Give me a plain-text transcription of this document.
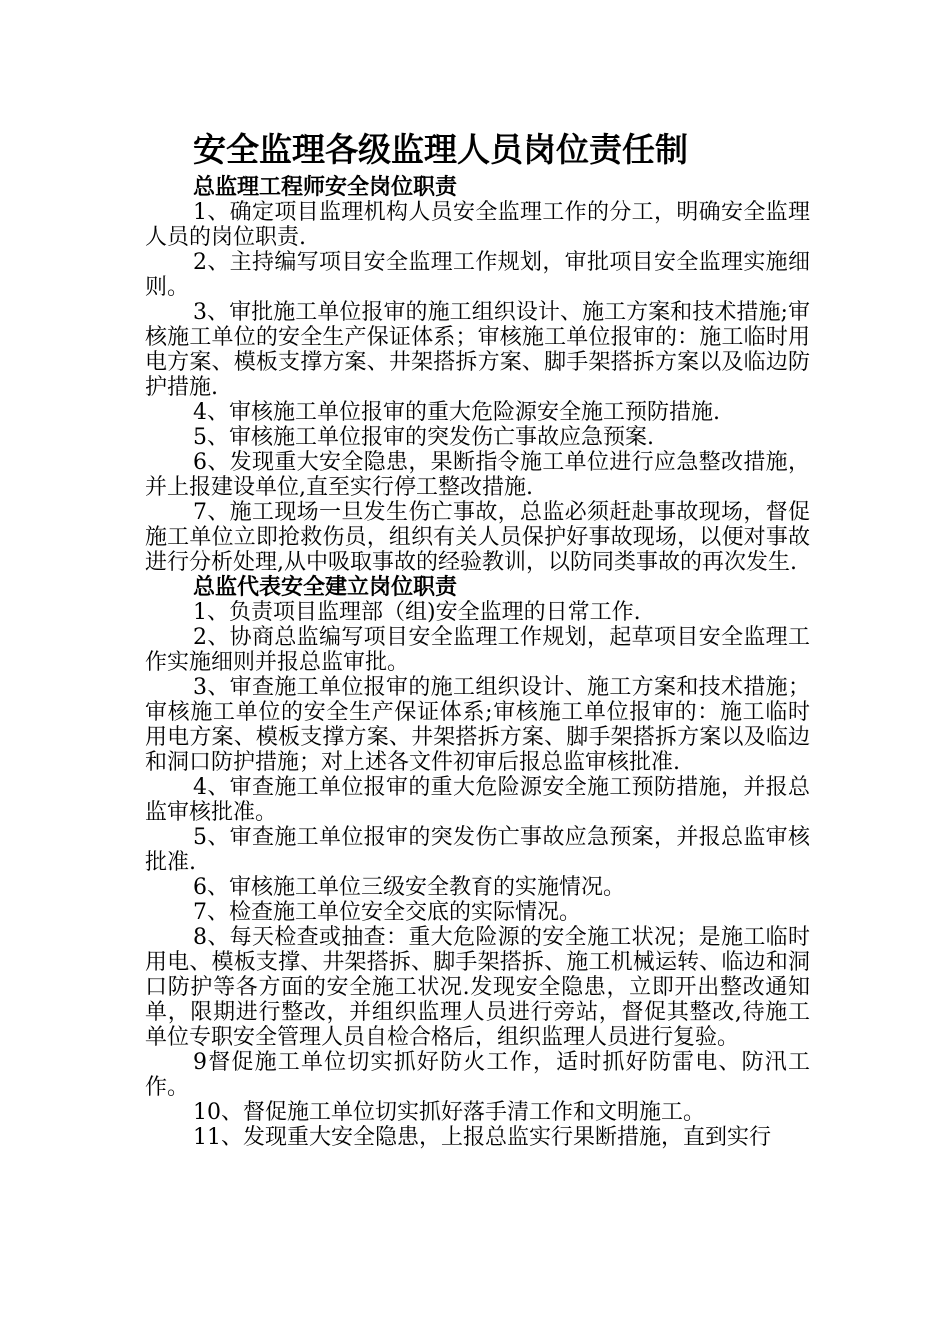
安全监理各级监理人员岗位责任制
总监理工程师安全岗位职责

1、确定项目监理机构人员安全监理工作的分工，明确安全监理人员的岗位职责.

2、主持编写项目安全监理工作规划，审批项目安全监理实施细则。

3、审批施工单位报审的施工组织设计、施工方案和技术措施;审核施工单位的安全生产保证体系；审核施工单位报审的：施工临时用电方案、模板支撑方案、井架搭拆方案、脚手架搭拆方案以及临边防护措施.

4、审核施工单位报审的重大危险源安全施工预防措施.

5、审核施工单位报审的突发伤亡事故应急预案.

6、发现重大安全隐患，果断指令施工单位进行应急整改措施，并上报建设单位,直至实行停工整改措施.

7、施工现场一旦发生伤亡事故，总监必须赶赴事故现场，督促施工单位立即抢救伤员，组织有关人员保护好事故现场，以便对事故进行分析处理,从中吸取事故的经验教训，以防同类事故的再次发生.

总监代表安全建立岗位职责

1、负责项目监理部（组)安全监理的日常工作.

2、协商总监编写项目安全监理工作规划，起草项目安全监理工作实施细则并报总监审批。

3、审查施工单位报审的施工组织设计、施工方案和技术措施；审核施工单位的安全生产保证体系;审核施工单位报审的：施工临时用电方案、模板支撑方案、井架搭拆方案、脚手架搭拆方案以及临边和洞口防护措施；对上述各文件初审后报总监审核批准.

4、审查施工单位报审的重大危险源安全施工预防措施，并报总监审核批准。

5、审查施工单位报审的突发伤亡事故应急预案，并报总监审核批准.

6、审核施工单位三级安全教育的实施情况。

7、检查施工单位安全交底的实际情况。

8、每天检查或抽查：重大危险源的安全施工状况；是施工临时用电、模板支撑、井架搭拆、脚手架搭拆、施工机械运转、临边和洞口防护等各方面的安全施工状况.发现安全隐患，立即开出整改通知单，限期进行整改，并组织监理人员进行旁站，督促其整改,待施工单位专职安全管理人员自检合格后，组织监理人员进行复验。

9督促施工单位切实抓好防火工作，适时抓好防雷电、防汛工作。

10、督促施工单位切实抓好落手清工作和文明施工。

11、发现重大安全隐患，上报总监实行果断措施，直到实行
